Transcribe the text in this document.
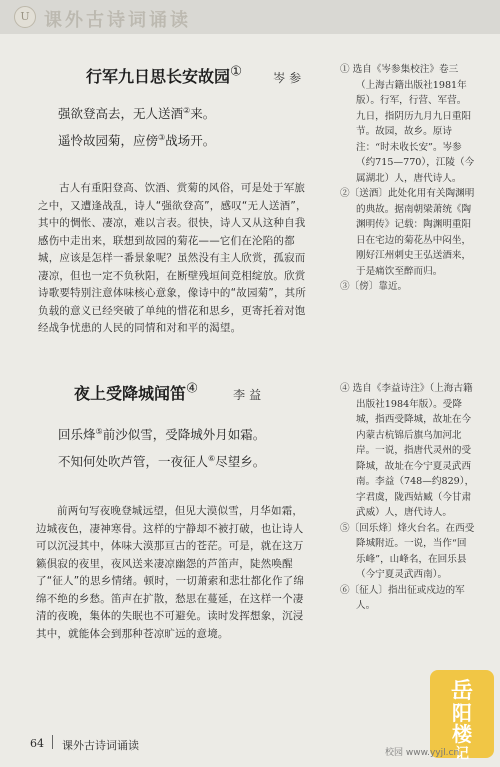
U 课外古诗词诵读
行军九日思长安故园①	岑参
强欲登高去，无人送酒②来。
遥怜故园菊，应傍③战场开。
古人有重阳登高、饮酒、赏菊的风俗，可是处于军旅之中，又遭逢战乱，诗人“强欲登高”，感叹“无人送酒”，其中的惆怅、凄凉，难以言表。很快，诗人又从这种自我感伤中走出来，联想到故园的菊花——它们在沦陷的都城，应该是怎样一番景象呢？虽然没有主人欣赏，孤寂而凄凉，但也一定不负秋阳，在断壁残垣间竞相绽放。欣赏诗歌要特别注意体味核心意象，像诗中的“故园菊”，其所负载的意义已经突破了单纯的惜花和思乡，更寄托着对饱经战争忧患的人民的同情和对和平的渴望。

① 选自《岑参集校注》卷三（上海古籍出版社1981年版）。行军，行营、军营。九日，指阴历九月九日重阳节。故园，故乡。原诗注：“时未收长安”。岑参（约715—770），江陵（今属湖北）人，唐代诗人。

②〔送酒〕此处化用有关陶渊明的典故。据南朝梁萧统《陶渊明传》记载：陶渊明重阳日在宅边的菊花丛中闷坐，刚好江州刺史王弘送酒来，于是痛饮至醉而归。

③〔傍〕靠近。

夜上受降城闻笛④	李益
回乐烽⑤前沙似雪，受降城外月如霜。
不知何处吹芦管，一夜征人⑥尽望乡。
前两句写夜晚登城远望，但见大漠似雪，月华如霜，边城夜色，凄神寒骨。这样的宁静却不被打破，也让诗人可以沉浸其中，体味大漠那亘古的苍茫。可是，就在这万籁俱寂的夜里，夜风送来凄凉幽怨的芦笛声，陡然唤醒了“征人”的思乡情绪。顿时，一切萧索和悲壮都化作了绵绵不绝的乡愁。笛声在扩散，愁思在蔓延，在这样一个凄清的夜晚，集体的失眠也不可避免。读时发挥想象，沉浸其中，就能体会到那种苍凉旷远的意境。

④ 选自《李益诗注》（上海古籍出版社1984年版）。受降城，指西受降城，故址在今内蒙古杭锦后旗乌加河北岸。一说，指唐代灵州的受降城，故址在今宁夏灵武西南。李益（748—约829），字君虞，陇西姑臧（今甘肃武威）人，唐代诗人。

⑤〔回乐烽〕烽火台名。在西受降城附近。一说，当作“回乐峰”，山峰名，在回乐县（今宁夏灵武西南）。

⑥〔征人〕指出征或戍边的军人。

64 课外古诗词诵读
岳
阳
楼
记
校园 www.yyjl.cn
